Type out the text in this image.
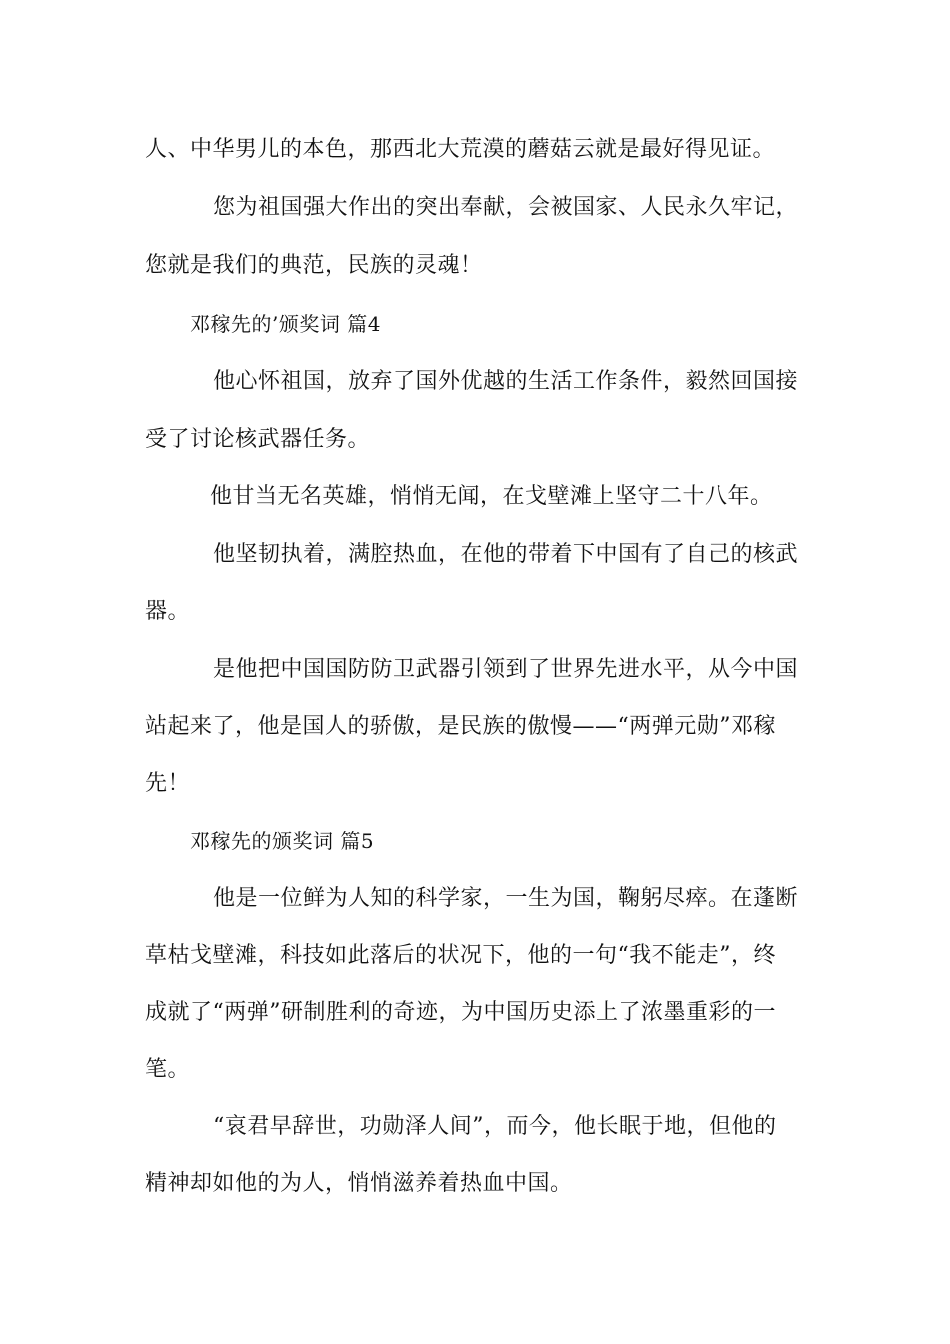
人、中华男儿的本色，那西北大荒漠的蘑菇云就是最好得见证。
您为祖国强大作出的突出奉献，会被国家、人民永久牢记，
您就是我们的典范，民族的灵魂！
邓稼先的’颁奖词 篇4
他心怀祖国，放弃了国外优越的生活工作条件，毅然回国接
受了讨论核武器任务。
他甘当无名英雄，悄悄无闻，在戈壁滩上坚守二十八年。
他坚韧执着，满腔热血，在他的带着下中国有了自己的核武
器。
是他把中国国防防卫武器引领到了世界先进水平，从今中国
站起来了，他是国人的骄傲，是民族的傲慢——“两弹元勋”邓稼
先！
邓稼先的颁奖词 篇5
他是一位鲜为人知的科学家，一生为国，鞠躬尽瘁。在蓬断
草枯戈壁滩，科技如此落后的状况下，他的一句“我不能走”，终
成就了“两弹”研制胜利的奇迹，为中国历史添上了浓墨重彩的一
笔。
“哀君早辞世，功勋泽人间”，而今，他长眠于地，但他的
精神却如他的为人，悄悄滋养着热血中国。
